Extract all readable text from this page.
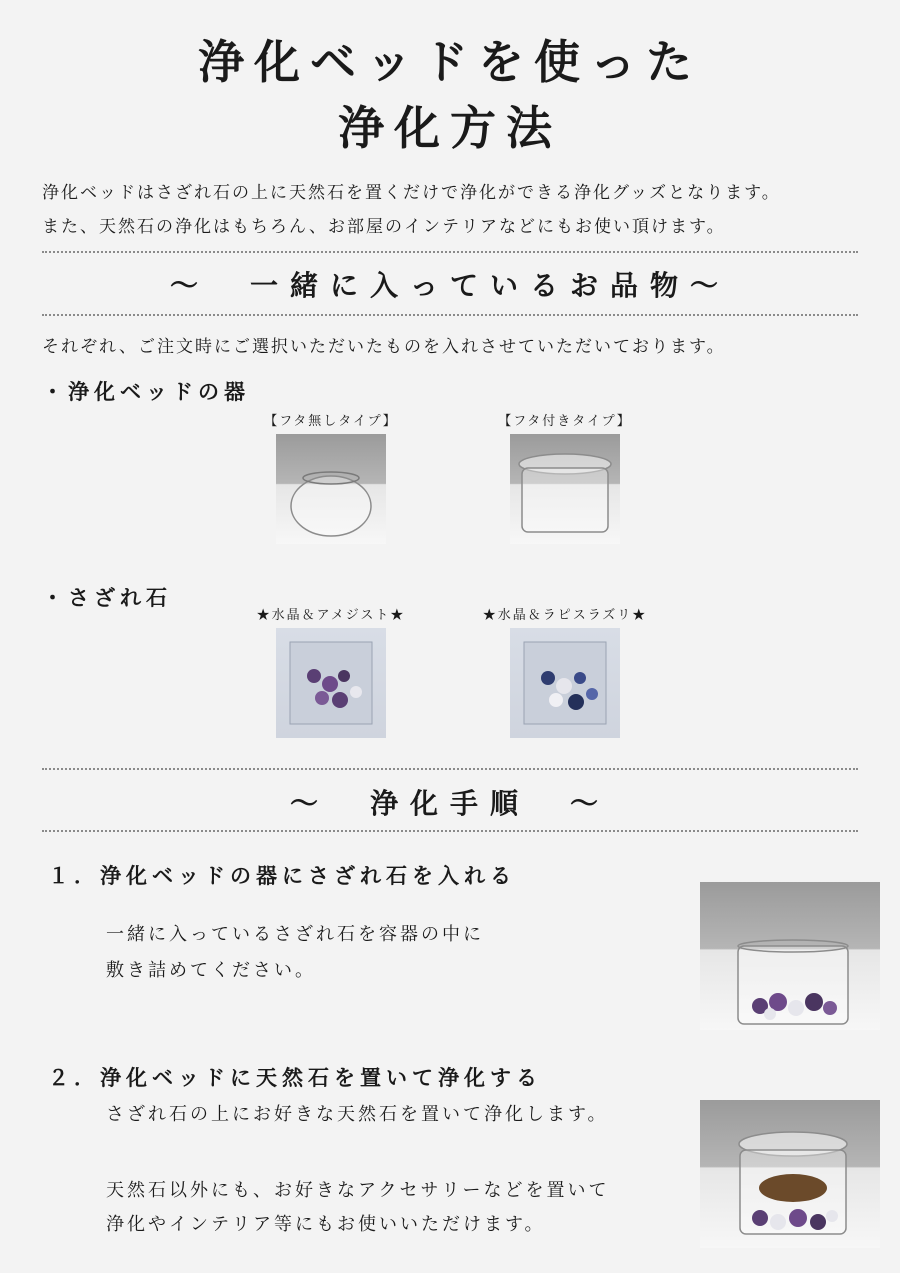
浄化ベッドを使った
浄化方法
浄化ベッドはさざれ石の上に天然石を置くだけで浄化ができる浄化グッズとなります。
また、天然石の浄化はもちろん、お部屋のインテリアなどにもお使い頂けます。
〜　一緒に入っているお品物〜
それぞれ、ご注文時にご選択いただいたものを入れさせていただいております。
・浄化ベッドの器
【フタ無しタイプ】	【フタ付きタイプ】
・さざれ石
★水晶＆アメジスト★	★水晶＆ラピスラズリ★
〜　浄化手順　〜
１．浄化ベッドの器にさざれ石を入れる
一緒に入っているさざれ石を容器の中に
敷き詰めてください。
２．浄化ベッドに天然石を置いて浄化する
さざれ石の上にお好きな天然石を置いて浄化します。
天然石以外にも、お好きなアクセサリーなどを置いて
浄化やインテリア等にもお使いいただけます。
